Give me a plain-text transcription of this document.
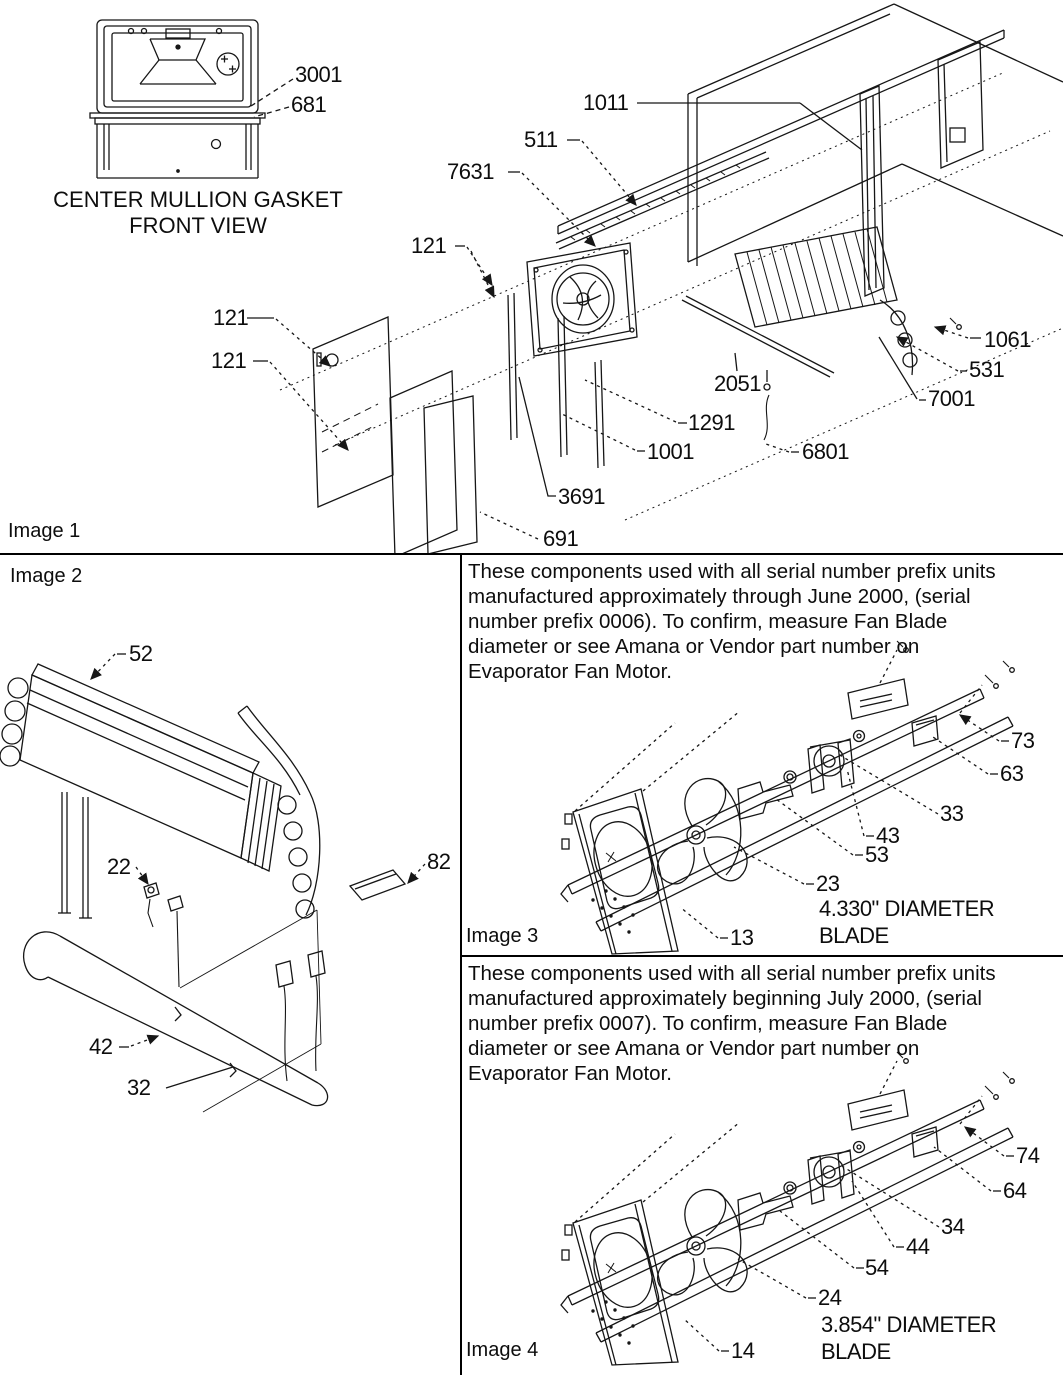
3001
681	1011
511
7631
121
121
121
2051
1291
1001	6801
3691
691
1061
531
7001
CENTER MULLION GASKET
FRONT VIEW
Image 1
52
22	82
42
32
Image 2	These components used with all serial number prefix units
manufactured approximately through June 2000, (serial
number prefix 0006). To confirm, measure Fan Blade
diameter or see Amana or Vendor part number on
Evaporator Fan Motor.
73
63
33
43
53
23
4.330" DIAMETER
BLADE
13
Image 3
These components used with all serial number prefix units
manufactured approximately beginning July 2000, (serial
number prefix 0007). To confirm, measure Fan Blade
diameter or see Amana or Vendor part number on
Evaporator Fan Motor.
74
64
34
44
54
24
3.854" DIAMETER
BLADE
14
Image 4
